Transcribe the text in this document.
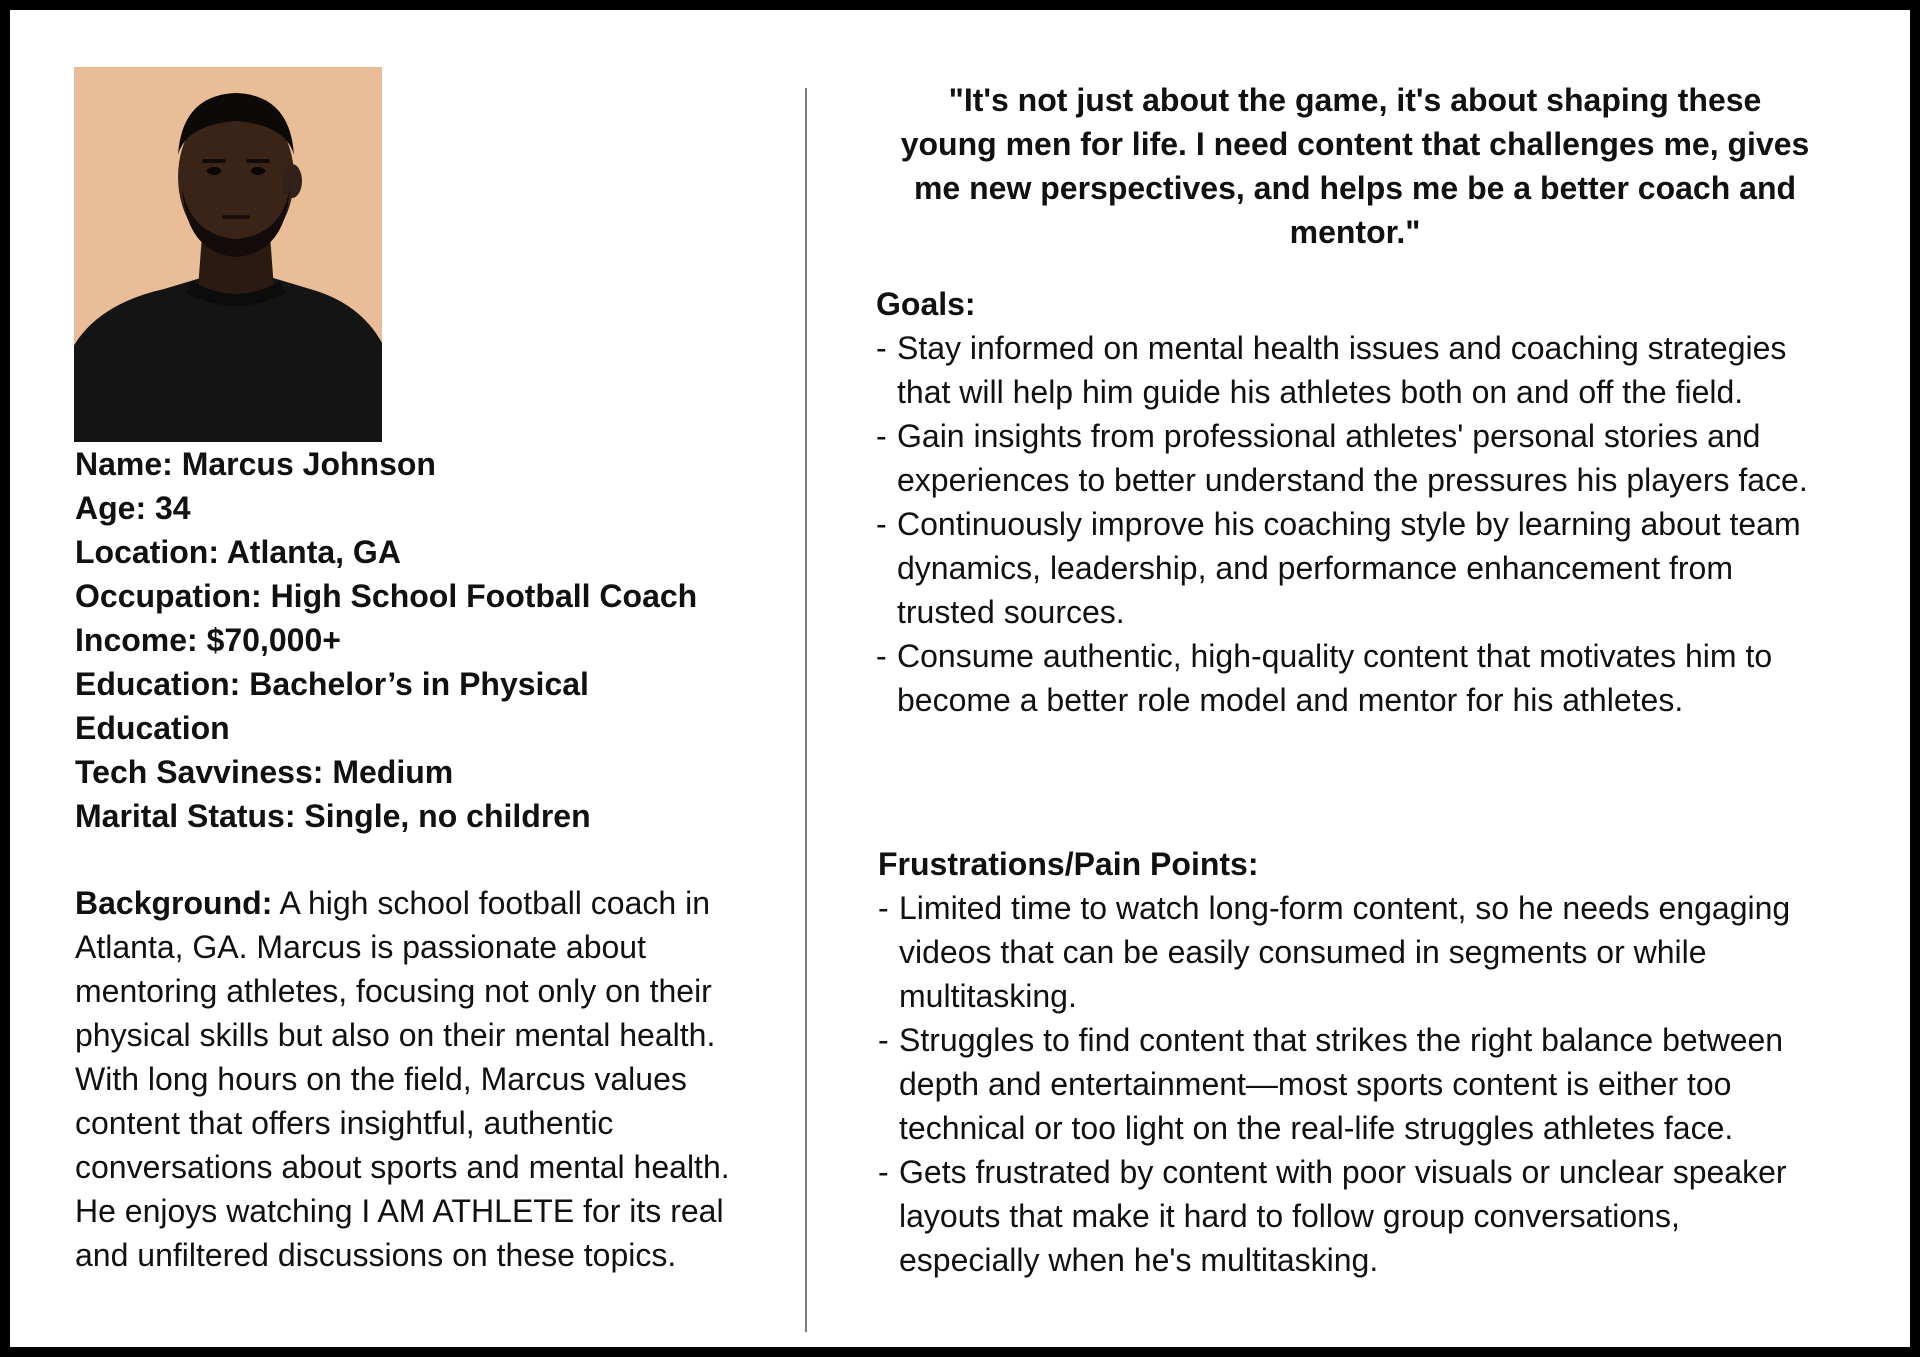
Name: Marcus Johnson
Age: 34
Location: Atlanta, GA
Occupation: High School Football Coach
Income: $70,000+
Education: Bachelor’s in Physical
Education
Tech Savviness: Medium
Marital Status: Single, no children
Background: A high school football coach in Atlanta, GA. Marcus is passionate about mentoring athletes, focusing not only on their physical skills but also on their mental health. With long hours on the field, Marcus values content that offers insightful, authentic conversations about sports and mental health. He enjoys watching I AM ATHLETE for its real and unfiltered discussions on these topics.
"It's not just about the game, it's about shaping these young men for life. I need content that challenges me, gives me new perspectives, and helps me be a better coach and mentor."
Goals:
- Stay informed on mental health issues and coaching strategies that will help him guide his athletes both on and off the field.
- Gain insights from professional athletes' personal stories and experiences to better understand the pressures his players face.
- Continuously improve his coaching style by learning about team dynamics, leadership, and performance enhancement from trusted sources.
- Consume authentic, high-quality content that motivates him to become a better role model and mentor for his athletes.
Frustrations/Pain Points:
- Limited time to watch long-form content, so he needs engaging videos that can be easily consumed in segments or while multitasking.
- Struggles to find content that strikes the right balance between depth and entertainment—most sports content is either too technical or too light on the real-life struggles athletes face.
- Gets frustrated by content with poor visuals or unclear speaker layouts that make it hard to follow group conversations, especially when he's multitasking.
